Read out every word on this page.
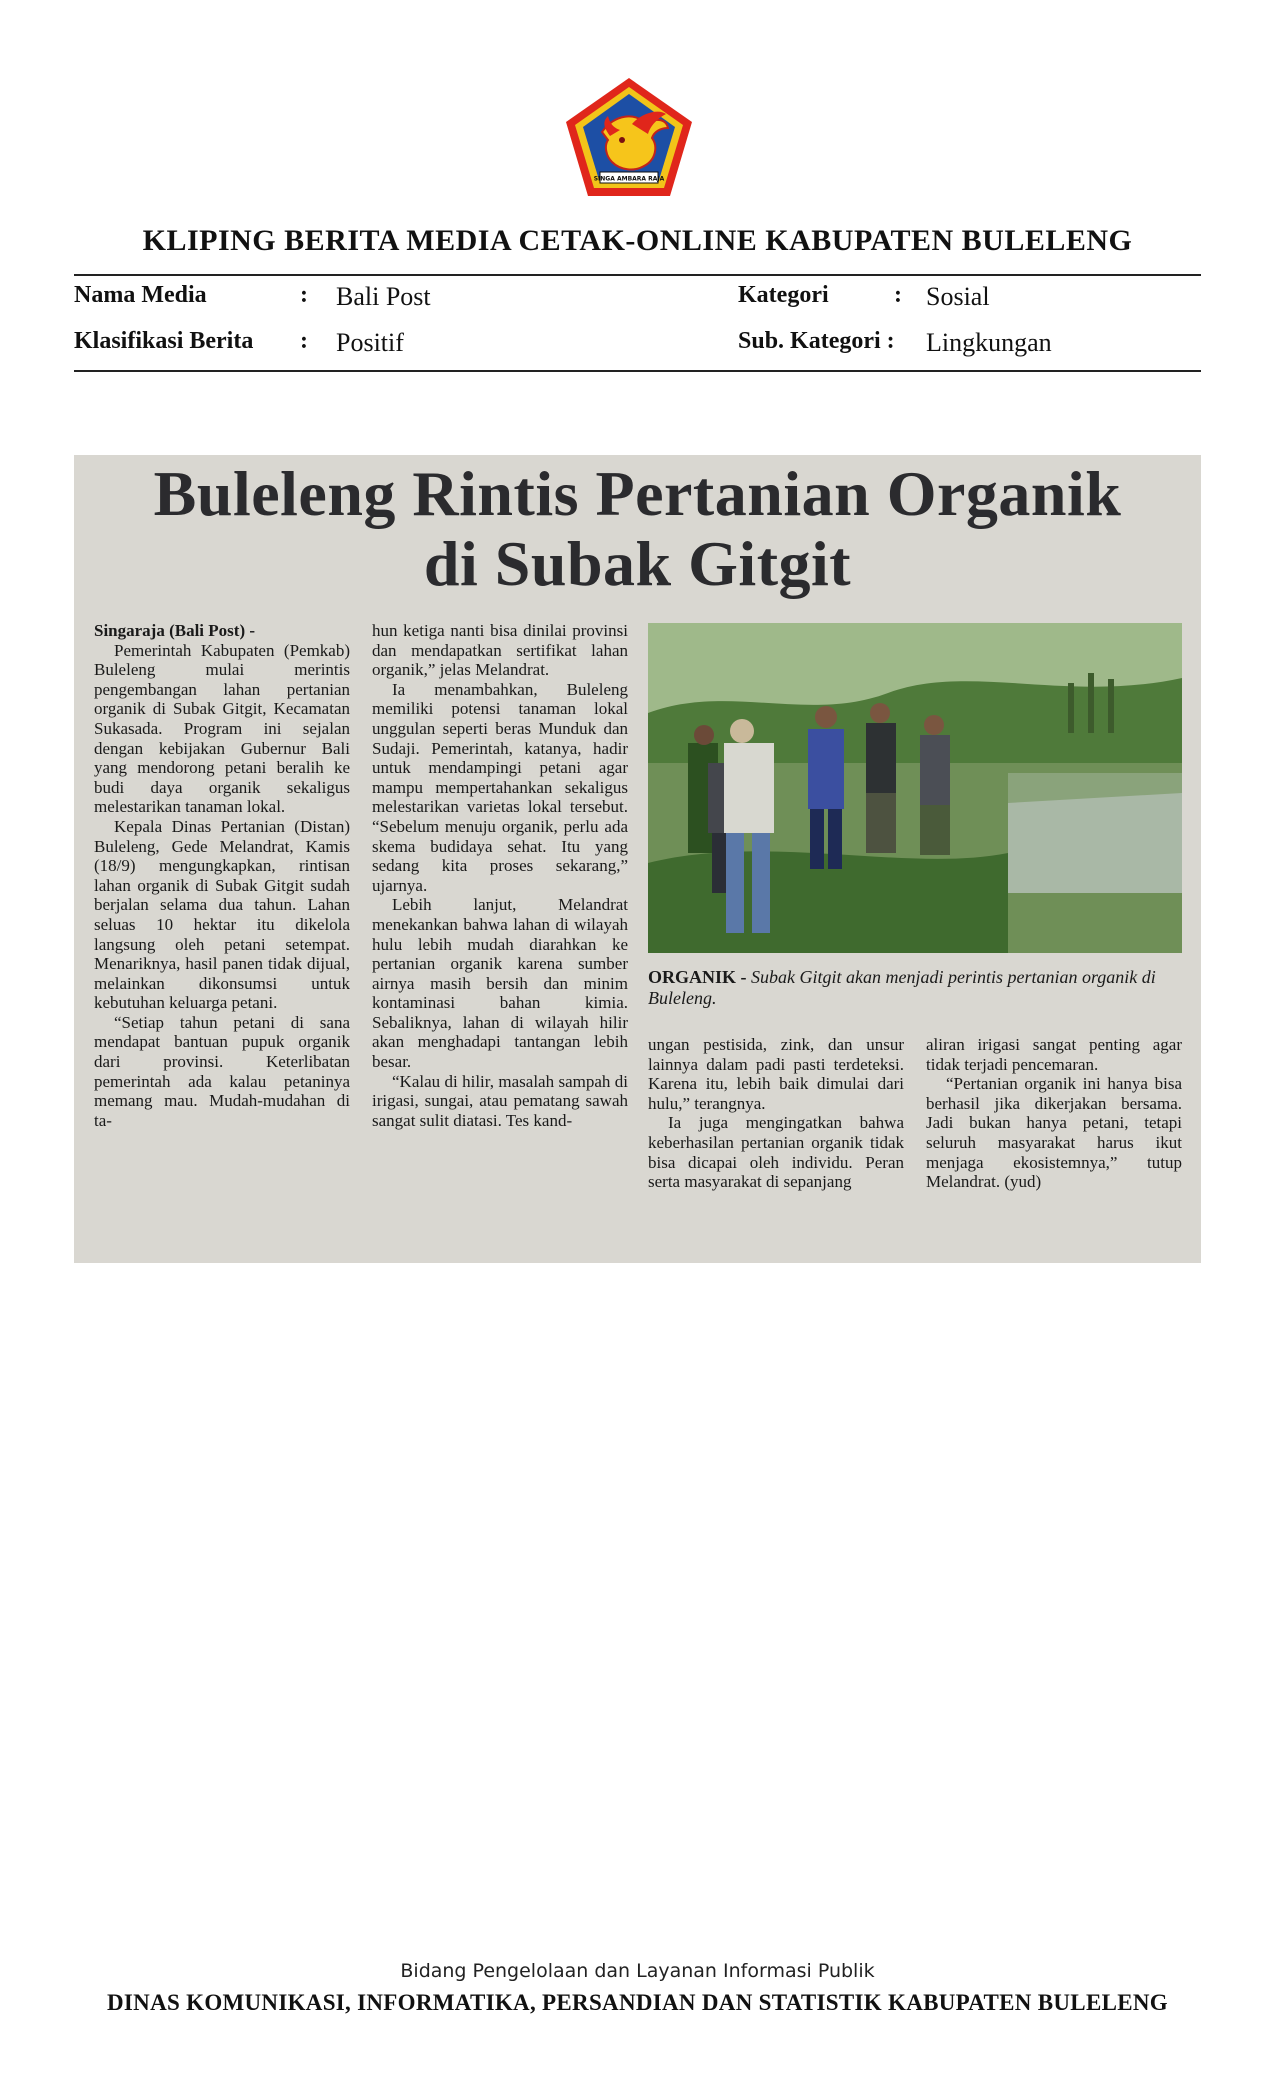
SINGA AMBARA RAJA
KLIPING BERITA MEDIA CETAK-ONLINE KABUPATEN BULELENG
Nama Media	: Bali Post
Klasifikasi Berita : Positif
Kategori	: Sosial
Sub. Kategori : Lingkungan
Buleleng Rintis Pertanian Organik
di Subak Gitgit

Singaraja (Bali Post) -

Pemerintah Kabupaten (Pemkab) Buleleng mulai merintis pengembangan lahan pertanian organik di Subak Gitgit, Kecamatan Sukasada. Program ini sejalan dengan kebijakan Gubernur Bali yang mendorong petani beralih ke budi daya organik sekaligus melestarikan tanaman lokal.

Kepala Dinas Pertanian (Distan) Buleleng, Gede Melandrat, Kamis (18/9) mengungkapkan, rintisan lahan organik di Subak Gitgit sudah berjalan selama dua tahun. Lahan seluas 10 hektar itu dikelola langsung oleh petani setempat. Menariknya, hasil panen tidak dijual, melainkan dikonsumsi untuk kebutuhan keluarga petani.

“Setiap tahun petani di sana mendapat bantuan pupuk organik dari provinsi. Keterlibatan pemerintah ada kalau petaninya memang mau. Mudah-mudahan di ta-

hun ketiga nanti bisa dinilai provinsi dan mendapatkan sertifikat lahan organik,” jelas Melandrat.

Ia menambahkan, Buleleng memiliki potensi tanaman lokal unggulan seperti beras Munduk dan Sudaji. Pemerintah, katanya, hadir untuk mendampingi petani agar mampu mempertahankan sekaligus melestarikan varietas lokal tersebut. “Sebelum menuju organik, perlu ada skema budidaya sehat. Itu yang sedang kita proses sekarang,” ujarnya.

Lebih lanjut, Melandrat menekankan bahwa lahan di wilayah hulu lebih mudah diarahkan ke pertanian organik karena sumber airnya masih bersih dan minim kontaminasi bahan kimia. Sebaliknya, lahan di wilayah hilir akan menghadapi tantangan lebih besar.

“Kalau di hilir, masalah sampah di irigasi, sungai, atau pematang sawah sangat sulit diatasi. Tes kand-

ORGANIK - Subak Gitgit akan menjadi perintis pertanian organik di Buleleng.

ungan pestisida, zink, dan unsur lainnya dalam padi pasti terdeteksi. Karena itu, lebih baik dimulai dari hulu,” terangnya.

Ia juga mengingatkan bahwa keberhasilan pertanian organik tidak bisa dicapai oleh individu. Peran serta masyarakat di sepanjang

aliran irigasi sangat penting agar tidak terjadi pencemaran.

“Pertanian organik ini hanya bisa berhasil jika dikerjakan bersama. Jadi bukan hanya petani, tetapi seluruh masyarakat harus ikut menjaga ekosistemnya,” tutup Melandrat. (yud)

Bidang Pengelolaan dan Layanan Informasi Publik
DINAS KOMUNIKASI, INFORMATIKA, PERSANDIAN DAN STATISTIK KABUPATEN BULELENG
